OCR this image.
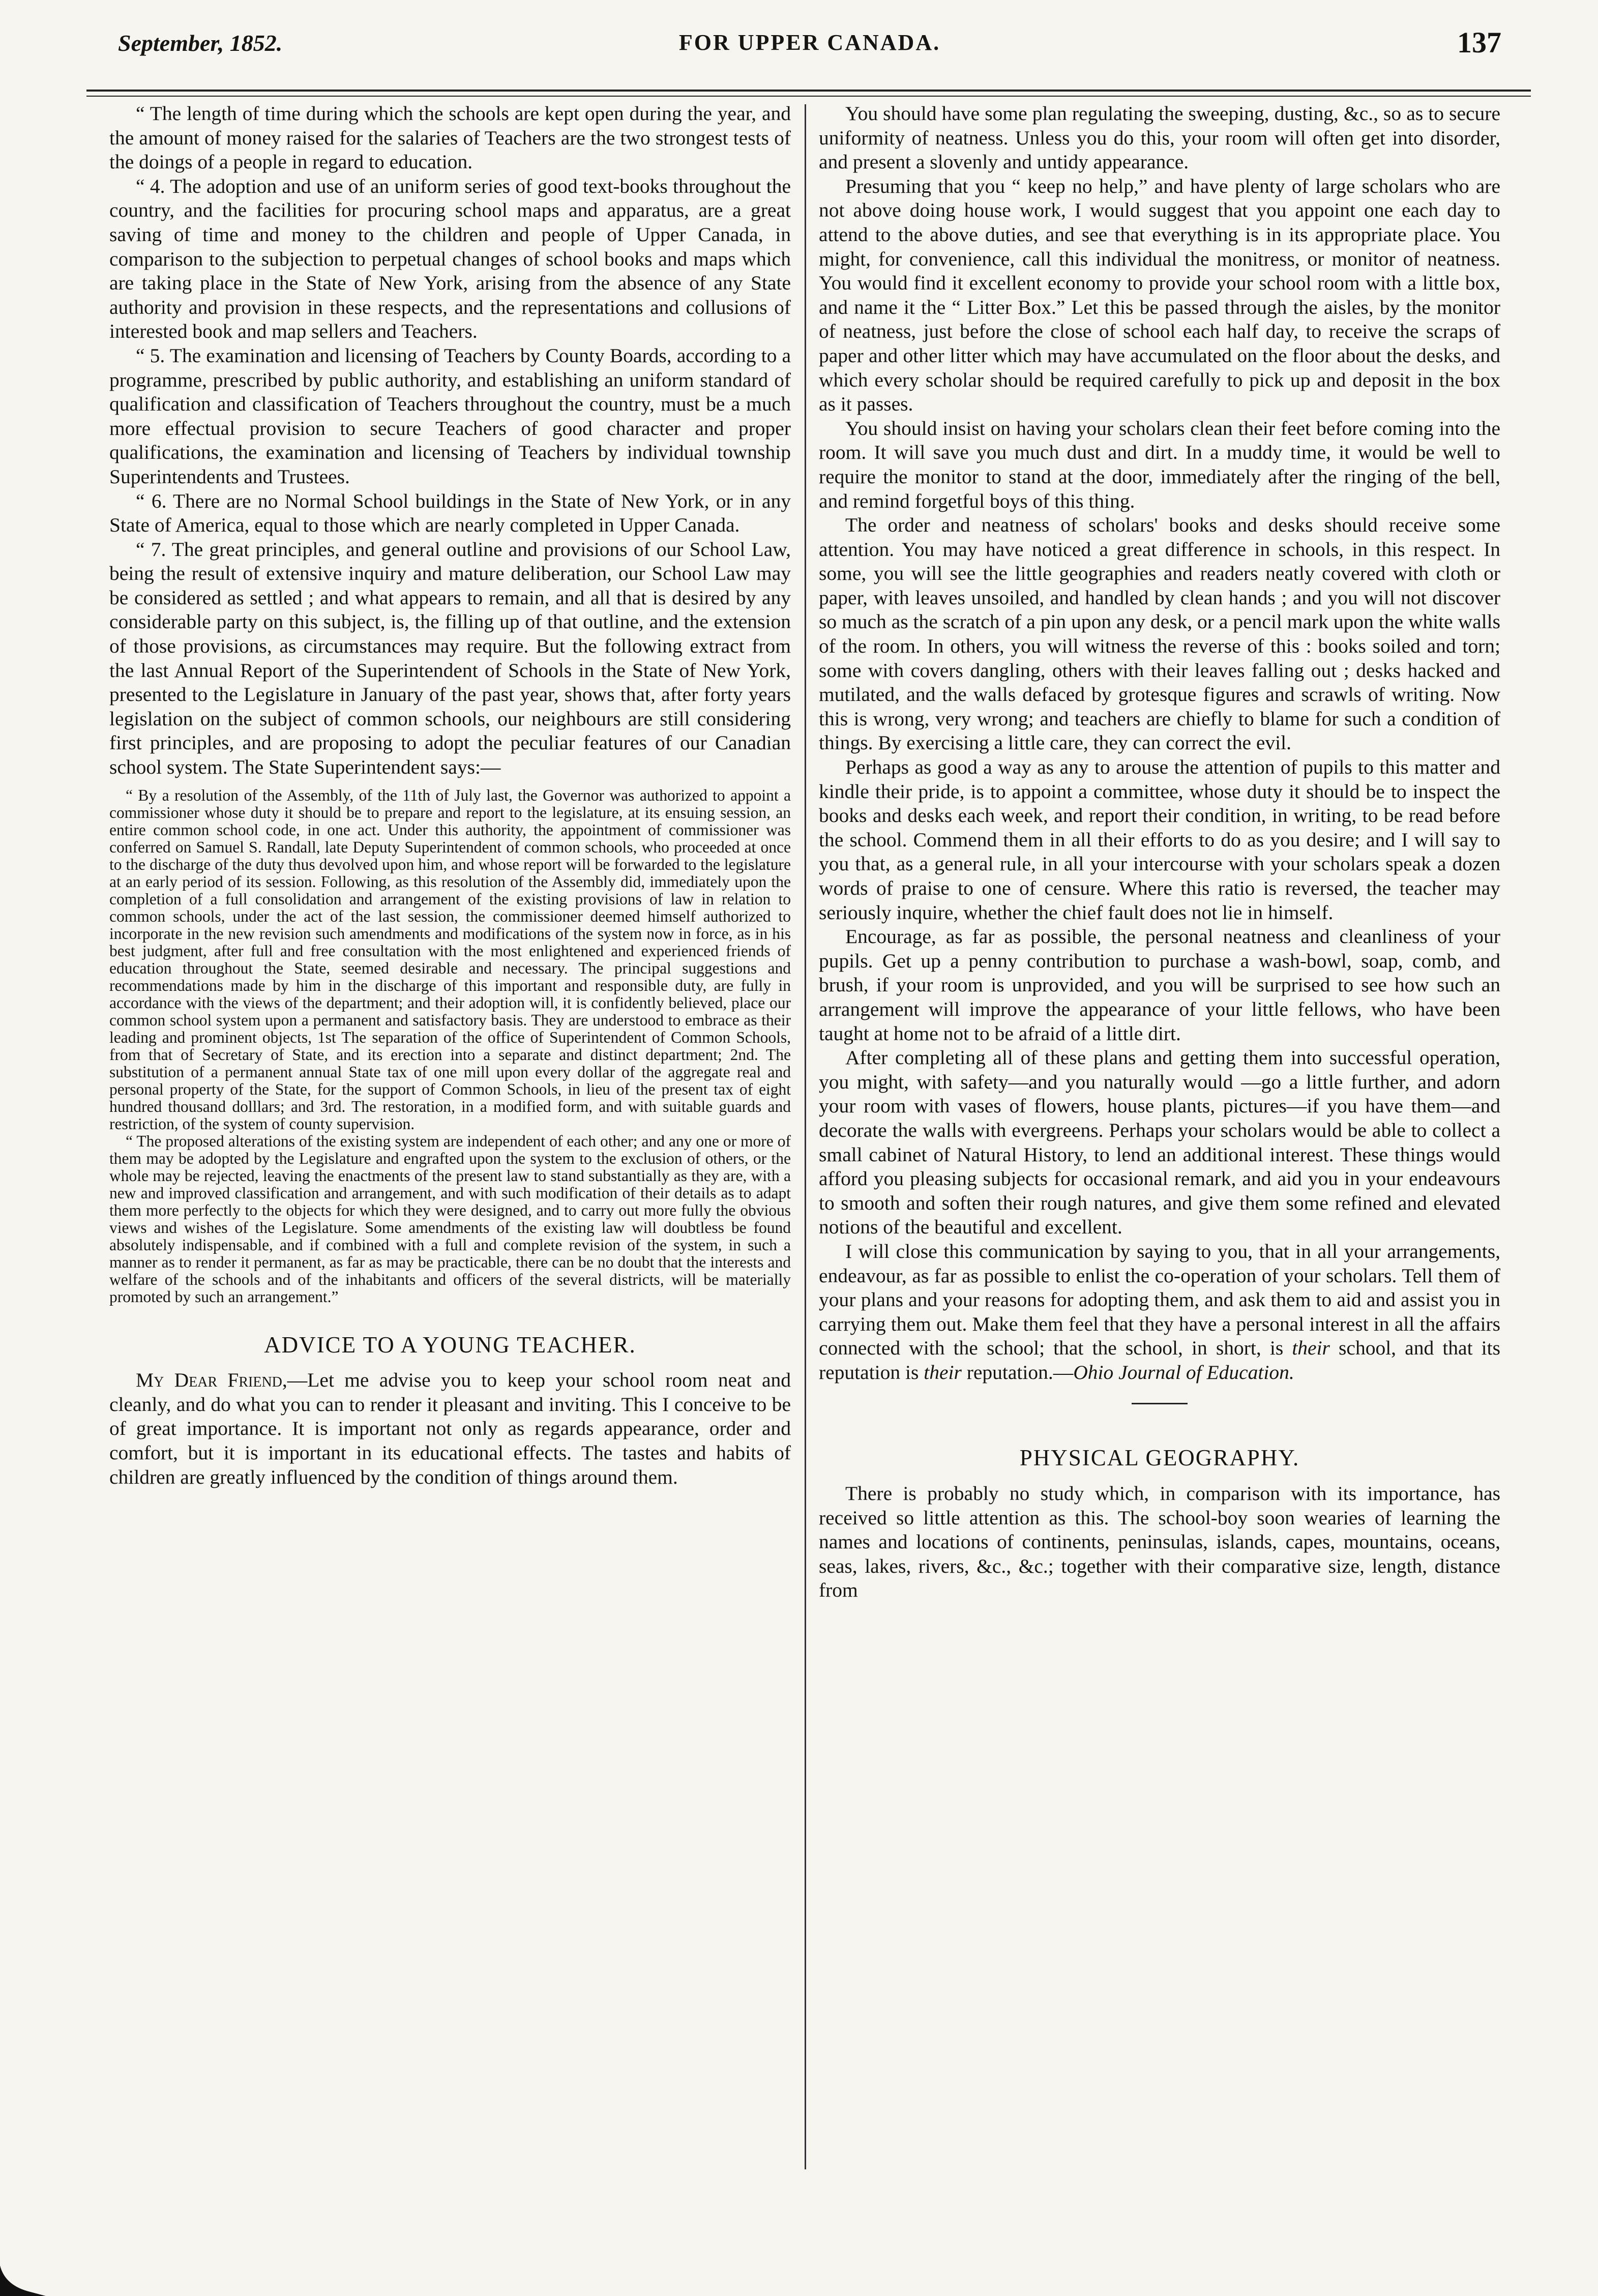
September, 1852.	FOR UPPER CANADA.	137

“ The length of time during which the schools are kept open during the year, and the amount of money raised for the salaries of Teachers are the two strongest tests of the doings of a people in regard to education.

“ 4. The adoption and use of an uniform series of good text-books throughout the country, and the facilities for procuring school maps and apparatus, are a great saving of time and money to the children and people of Upper Canada, in comparison to the subjection to perpetual changes of school books and maps which are taking place in the State of New York, arising from the absence of any State authority and provision in these respects, and the representations and collusions of interested book and map sellers and Teachers.

“ 5. The examination and licensing of Teachers by County Boards, according to a programme, prescribed by public authority, and establishing an uniform standard of qualification and classification of Teachers throughout the country, must be a much more effectual provision to secure Teachers of good character and proper qualifications, the examination and licensing of Teachers by individual township Superintendents and Trustees.

“ 6. There are no Normal School buildings in the State of New York, or in any State of America, equal to those which are nearly completed in Upper Canada.

“ 7. The great principles, and general outline and provisions of our School Law, being the result of extensive inquiry and mature deliberation, our School Law may be considered as settled ; and what appears to remain, and all that is desired by any considerable party on this subject, is, the filling up of that outline, and the extension of those provisions, as circumstances may require. But the following extract from the last Annual Report of the Superintendent of Schools in the State of New York, presented to the Legislature in January of the past year, shows that, after forty years legislation on the subject of common schools, our neighbours are still considering first principles, and are proposing to adopt the peculiar features of our Canadian school system. The State Superintendent says:—

“ By a resolution of the Assembly, of the 11th of July last, the Governor was authorized to appoint a commissioner whose duty it should be to prepare and report to the legislature, at its ensuing session, an entire common school code, in one act. Under this authority, the appointment of commissioner was conferred on Samuel S. Randall, late Deputy Superintendent of common schools, who proceeded at once to the discharge of the duty thus devolved upon him, and whose report will be forwarded to the legislature at an early period of its session. Following, as this resolution of the Assembly did, immediately upon the completion of a full consolidation and arrangement of the existing provisions of law in relation to common schools, under the act of the last session, the commissioner deemed himself authorized to incorporate in the new revision such amendments and modifications of the system now in force, as in his best judgment, after full and free consultation with the most enlightened and experienced friends of education throughout the State, seemed desirable and necessary. The principal suggestions and recommendations made by him in the discharge of this important and responsible duty, are fully in accordance with the views of the department; and their adoption will, it is confidently believed, place our common school system upon a permanent and satisfactory basis. They are understood to embrace as their leading and prominent objects, 1st The separation of the office of Superintendent of Common Schools, from that of Secretary of State, and its erection into a separate and distinct department; 2nd. The substitution of a permanent annual State tax of one mill upon every dollar of the aggregate real and personal property of the State, for the support of Common Schools, in lieu of the present tax of eight hundred thousand dolllars; and 3rd. The restoration, in a modified form, and with suitable guards and restriction, of the system of county supervision.

“ The proposed alterations of the existing system are independent of each other; and any one or more of them may be adopted by the Legislature and engrafted upon the system to the exclusion of others, or the whole may be rejected, leaving the enactments of the present law to stand substantially as they are, with a new and improved classification and arrangement, and with such modification of their details as to adapt them more perfectly to the objects for which they were designed, and to carry out more fully the obvious views and wishes of the Legislature. Some amendments of the existing law will doubtless be found absolutely indispensable, and if combined with a full and complete revision of the system, in such a manner as to render it permanent, as far as may be practicable, there can be no doubt that the interests and welfare of the schools and of the inhabitants and officers of the several districts, will be materially promoted by such an arrangement.”

ADVICE TO A YOUNG TEACHER.

My Dear Friend,—Let me advise you to keep your school room neat and cleanly, and do what you can to render it pleasant and inviting. This I conceive to be of great importance. It is important not only as regards appearance, order and comfort, but it is important in its educational effects. The tastes and habits of children are greatly influenced by the condition of things around them.

You should have some plan regulating the sweeping, dusting, &c., so as to secure uniformity of neatness. Unless you do this, your room will often get into disorder, and present a slovenly and untidy appearance.

Presuming that you “ keep no help,” and have plenty of large scholars who are not above doing house work, I would suggest that you appoint one each day to attend to the above duties, and see that everything is in its appropriate place. You might, for convenience, call this individual the monitress, or monitor of neatness. You would find it excellent economy to provide your school room with a little box, and name it the “ Litter Box.” Let this be passed through the aisles, by the monitor of neatness, just before the close of school each half day, to receive the scraps of paper and other litter which may have accumulated on the floor about the desks, and which every scholar should be required carefully to pick up and deposit in the box as it passes.

You should insist on having your scholars clean their feet before coming into the room. It will save you much dust and dirt. In a muddy time, it would be well to require the monitor to stand at the door, immediately after the ringing of the bell, and remind forgetful boys of this thing.

The order and neatness of scholars' books and desks should receive some attention. You may have noticed a great difference in schools, in this respect. In some, you will see the little geographies and readers neatly covered with cloth or paper, with leaves unsoiled, and handled by clean hands ; and you will not discover so much as the scratch of a pin upon any desk, or a pencil mark upon the white walls of the room. In others, you will witness the reverse of this : books soiled and torn; some with covers dangling, others with their leaves falling out ; desks hacked and mutilated, and the walls defaced by grotesque figures and scrawls of writing. Now this is wrong, very wrong; and teachers are chiefly to blame for such a condition of things. By exercising a little care, they can correct the evil.

Perhaps as good a way as any to arouse the attention of pupils to this matter and kindle their pride, is to appoint a committee, whose duty it should be to inspect the books and desks each week, and report their condition, in writing, to be read before the school. Commend them in all their efforts to do as you desire; and I will say to you that, as a general rule, in all your intercourse with your scholars speak a dozen words of praise to one of censure. Where this ratio is reversed, the teacher may seriously inquire, whether the chief fault does not lie in himself.

Encourage, as far as possible, the personal neatness and cleanliness of your pupils. Get up a penny contribution to purchase a wash-bowl, soap, comb, and brush, if your room is unprovided, and you will be surprised to see how such an arrangement will improve the appearance of your little fellows, who have been taught at home not to be afraid of a little dirt.

After completing all of these plans and getting them into successful operation, you might, with safety—and you naturally would —go a little further, and adorn your room with vases of flowers, house plants, pictures—if you have them—and decorate the walls with evergreens. Perhaps your scholars would be able to collect a small cabinet of Natural History, to lend an additional interest. These things would afford you pleasing subjects for occasional remark, and aid you in your endeavours to smooth and soften their rough natures, and give them some refined and elevated notions of the beautiful and excellent.

I will close this communication by saying to you, that in all your arrangements, endeavour, as far as possible to enlist the co-operation of your scholars. Tell them of your plans and your reasons for adopting them, and ask them to aid and assist you in carrying them out. Make them feel that they have a personal interest in all the affairs connected with the school; that the school, in short, is their school, and that its reputation is their reputation.—Ohio Journal of Education.

PHYSICAL GEOGRAPHY.

There is probably no study which, in comparison with its importance, has received so little attention as this. The school-boy soon wearies of learning the names and locations of continents, peninsulas, islands, capes, mountains, oceans, seas, lakes, rivers, &c., &c.; together with their comparative size, length, distance from
